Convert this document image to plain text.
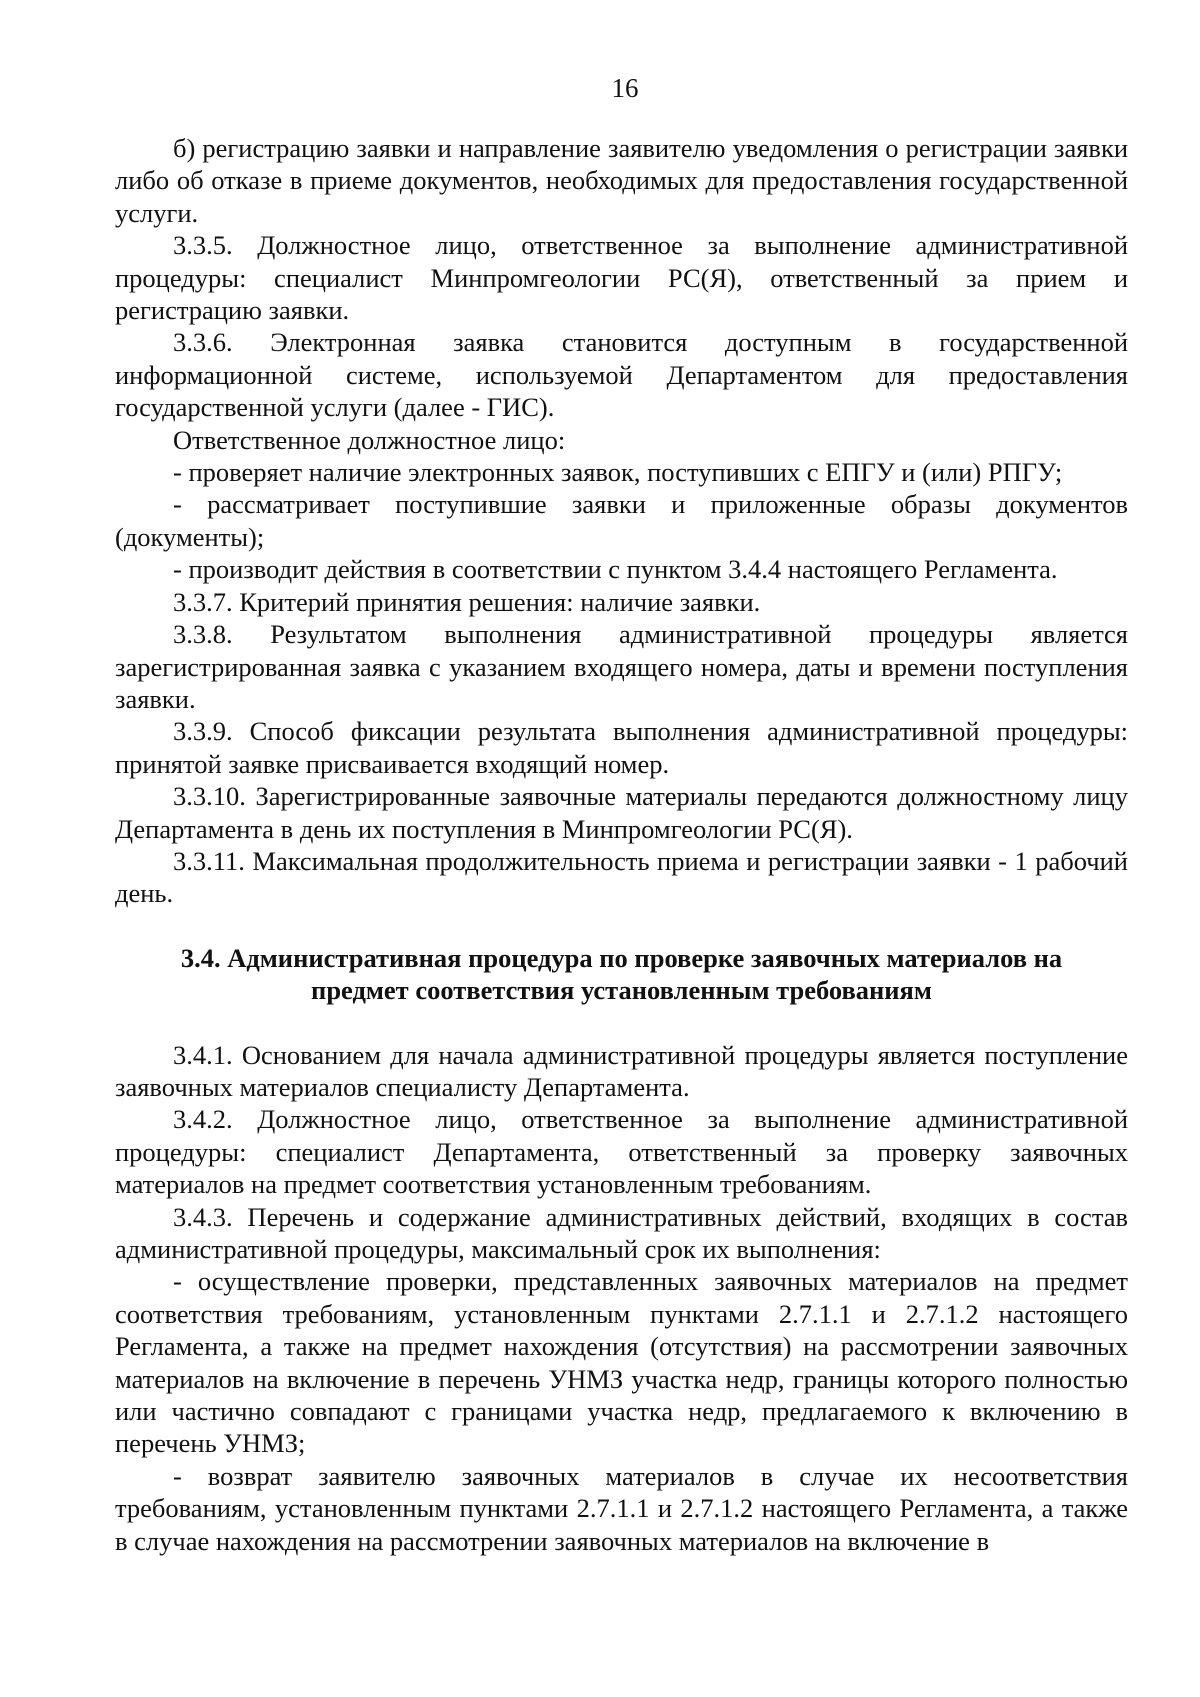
16

б) регистрацию заявки и направление заявителю уведомления о регистрации заявки либо об отказе в приеме документов, необходимых для предоставления государственной услуги.

3.3.5. Должностное лицо, ответственное за выполнение административной процедуры: специалист Минпромгеологии РС(Я), ответственный за прием и регистрацию заявки.

3.3.6. Электронная заявка становится доступным в государственной информационной системе, используемой Департаментом для предоставления государственной услуги (далее - ГИС).

Ответственное должностное лицо:

- проверяет наличие электронных заявок, поступивших с ЕПГУ и (или) РПГУ;

- рассматривает поступившие заявки и приложенные образы документов (документы);

- производит действия в соответствии с пунктом 3.4.4 настоящего Регламента.

3.3.7. Критерий принятия решения: наличие заявки.

3.3.8. Результатом выполнения административной процедуры является зарегистрированная заявка с указанием входящего номера, даты и времени поступления заявки.

3.3.9. Способ фиксации результата выполнения административной процедуры: принятой заявке присваивается входящий номер.

3.3.10. Зарегистрированные заявочные материалы передаются должностному лицу Департамента в день их поступления в Минпромгеологии РС(Я).

3.3.11. Максимальная продолжительность приема и регистрации заявки - 1 рабочий день.

3.4. Административная процедура по проверке заявочных материалов на предмет соответствия установленным требованиям

3.4.1. Основанием для начала административной процедуры является поступление заявочных материалов специалисту Департамента.

3.4.2. Должностное лицо, ответственное за выполнение административной процедуры: специалист Департамента, ответственный за проверку заявочных материалов на предмет соответствия установленным требованиям.

3.4.3. Перечень и содержание административных действий, входящих в состав административной процедуры, максимальный срок их выполнения:

- осуществление проверки, представленных заявочных материалов на предмет соответствия требованиям, установленным пунктами 2.7.1.1 и 2.7.1.2 настоящего Регламента, а также на предмет нахождения (отсутствия) на рассмотрении заявочных материалов на включение в перечень УНМЗ участка недр, границы которого полностью или частично совпадают с границами участка недр, предлагаемого к включению в перечень УНМЗ;

- возврат заявителю заявочных материалов в случае их несоответствия требованиям, установленным пунктами 2.7.1.1 и 2.7.1.2 настоящего Регламента, а также в случае нахождения на рассмотрении заявочных материалов на включение в
